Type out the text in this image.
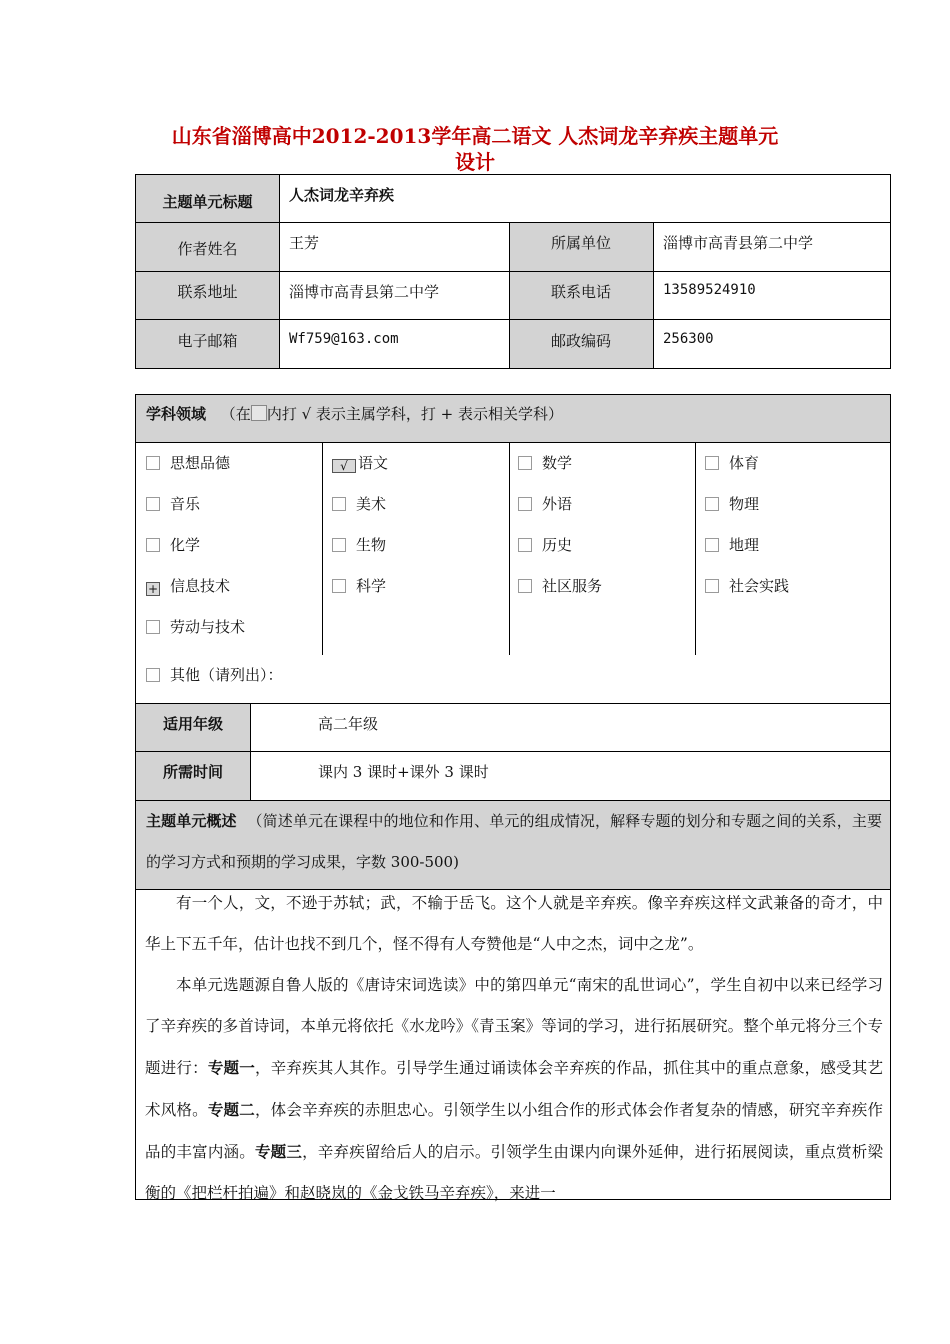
山东省淄博高中2012-2013学年高二语文 人杰词龙辛弃疾主题单元
设计
主题单元标题	人杰词龙辛弃疾
作者姓名	王芳	所属单位	淄博市高青县第二中学
联系地址	淄博市高青县第二中学	联系电话	13589524910
电子邮箱	Wf759@163.com	邮政编码	256300
学科领域 （在 内打 √ 表示主属学科，打 + 表示相关学科）
思想品德
音乐
化学
+ 信息技术
劳动与技术
√ 语文
美术
生物
科学
数学
外语
历史
社区服务
体育
物理
地理
社会实践
其他（请列出）：
适用年级	高二年级
所需时间	课内 3 课时+课外 3 课时
主题单元概述 （简述单元在课程中的地位和作用、单元的组成情况，解释专题的划分和专题之间的关系，主要的学习方式和预期的学习成果，字数 300-500)

有一个人，文，不逊于苏轼；武，不输于岳飞。这个人就是辛弃疾。像辛弃疾这样文武兼备的奇才，中华上下五千年，估计也找不到几个，怪不得有人夸赞他是“人中之杰，词中之龙”。

本单元选题源自鲁人版的《唐诗宋词选读》中的第四单元“南宋的乱世词心”，学生自初中以来已经学习了辛弃疾的多首诗词，本单元将依托《水龙吟》《青玉案》等词的学习，进行拓展研究。整个单元将分三个专题进行：专题一，辛弃疾其人其作。引导学生通过诵读体会辛弃疾的作品，抓住其中的重点意象，感受其艺术风格。专题二，体会辛弃疾的赤胆忠心。引领学生以小组合作的形式体会作者复杂的情感，研究辛弃疾作品的丰富内涵。专题三，辛弃疾留给后人的启示。引领学生由课内向课外延伸，进行拓展阅读，重点赏析梁衡的《把栏杆拍遍》和赵晓岚的《金戈铁马辛弃疾》，来进一
